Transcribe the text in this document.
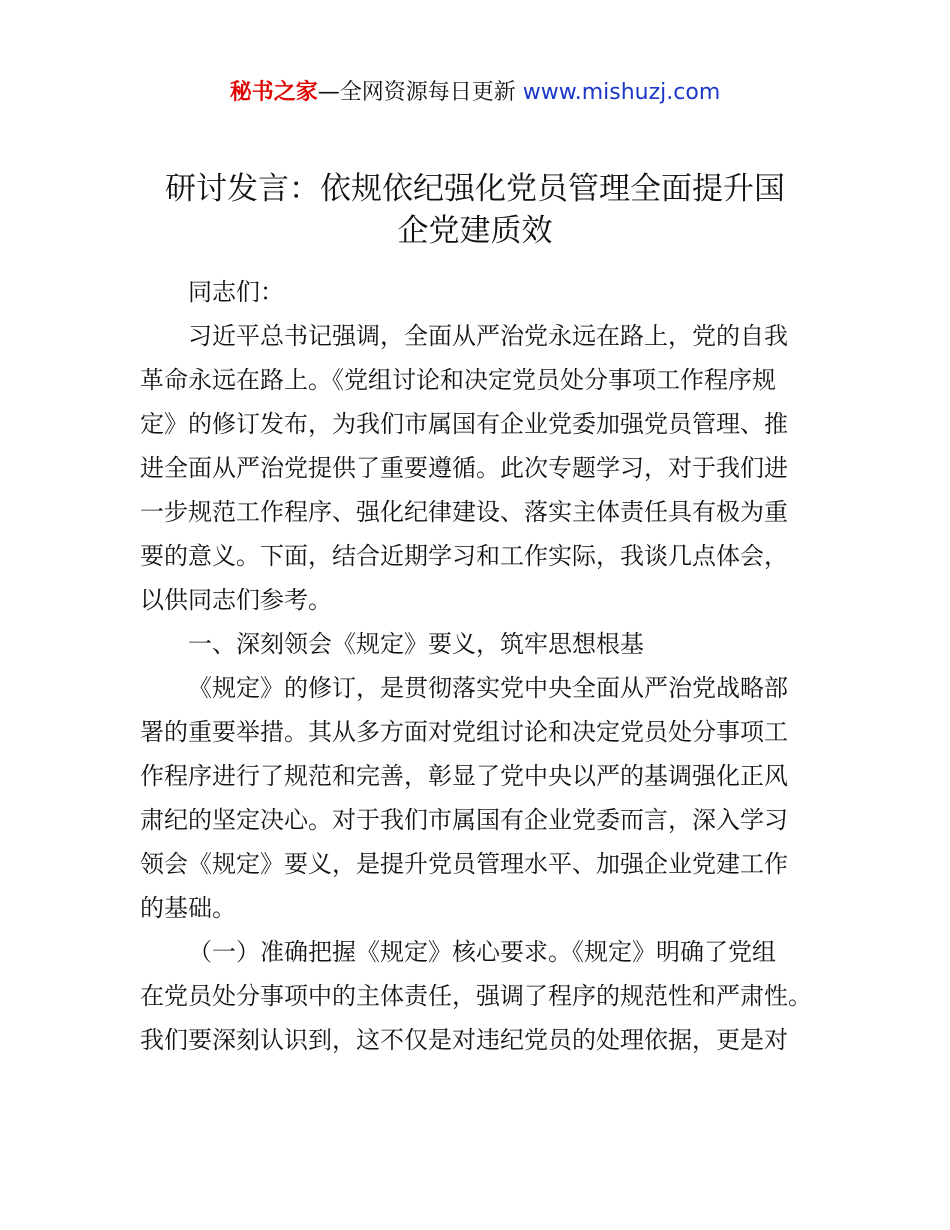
秘书之家—全网资源每日更新 www.mishuzj.com
研讨发言：依规依纪强化党员管理全面提升国
企党建质效
同志们：
习近平总书记强调，全面从严治党永远在路上，党的自我
革命永远在路上。《党组讨论和决定党员处分事项工作程序规
定》的修订发布，为我们市属国有企业党委加强党员管理、推
进全面从严治党提供了重要遵循。此次专题学习，对于我们进
一步规范工作程序、强化纪律建设、落实主体责任具有极为重
要的意义。下面，结合近期学习和工作实际，我谈几点体会，
以供同志们参考。
一、深刻领会《规定》要义，筑牢思想根基
《规定》的修订，是贯彻落实党中央全面从严治党战略部
署的重要举措。其从多方面对党组讨论和决定党员处分事项工
作程序进行了规范和完善，彰显了党中央以严的基调强化正风
肃纪的坚定决心。对于我们市属国有企业党委而言，深入学习
领会《规定》要义，是提升党员管理水平、加强企业党建工作
的基础。
（一）准确把握《规定》核心要求。《规定》明确了党组
在党员处分事项中的主体责任，强调了程序的规范性和严肃性。
我们要深刻认识到，这不仅是对违纪党员的处理依据，更是对
